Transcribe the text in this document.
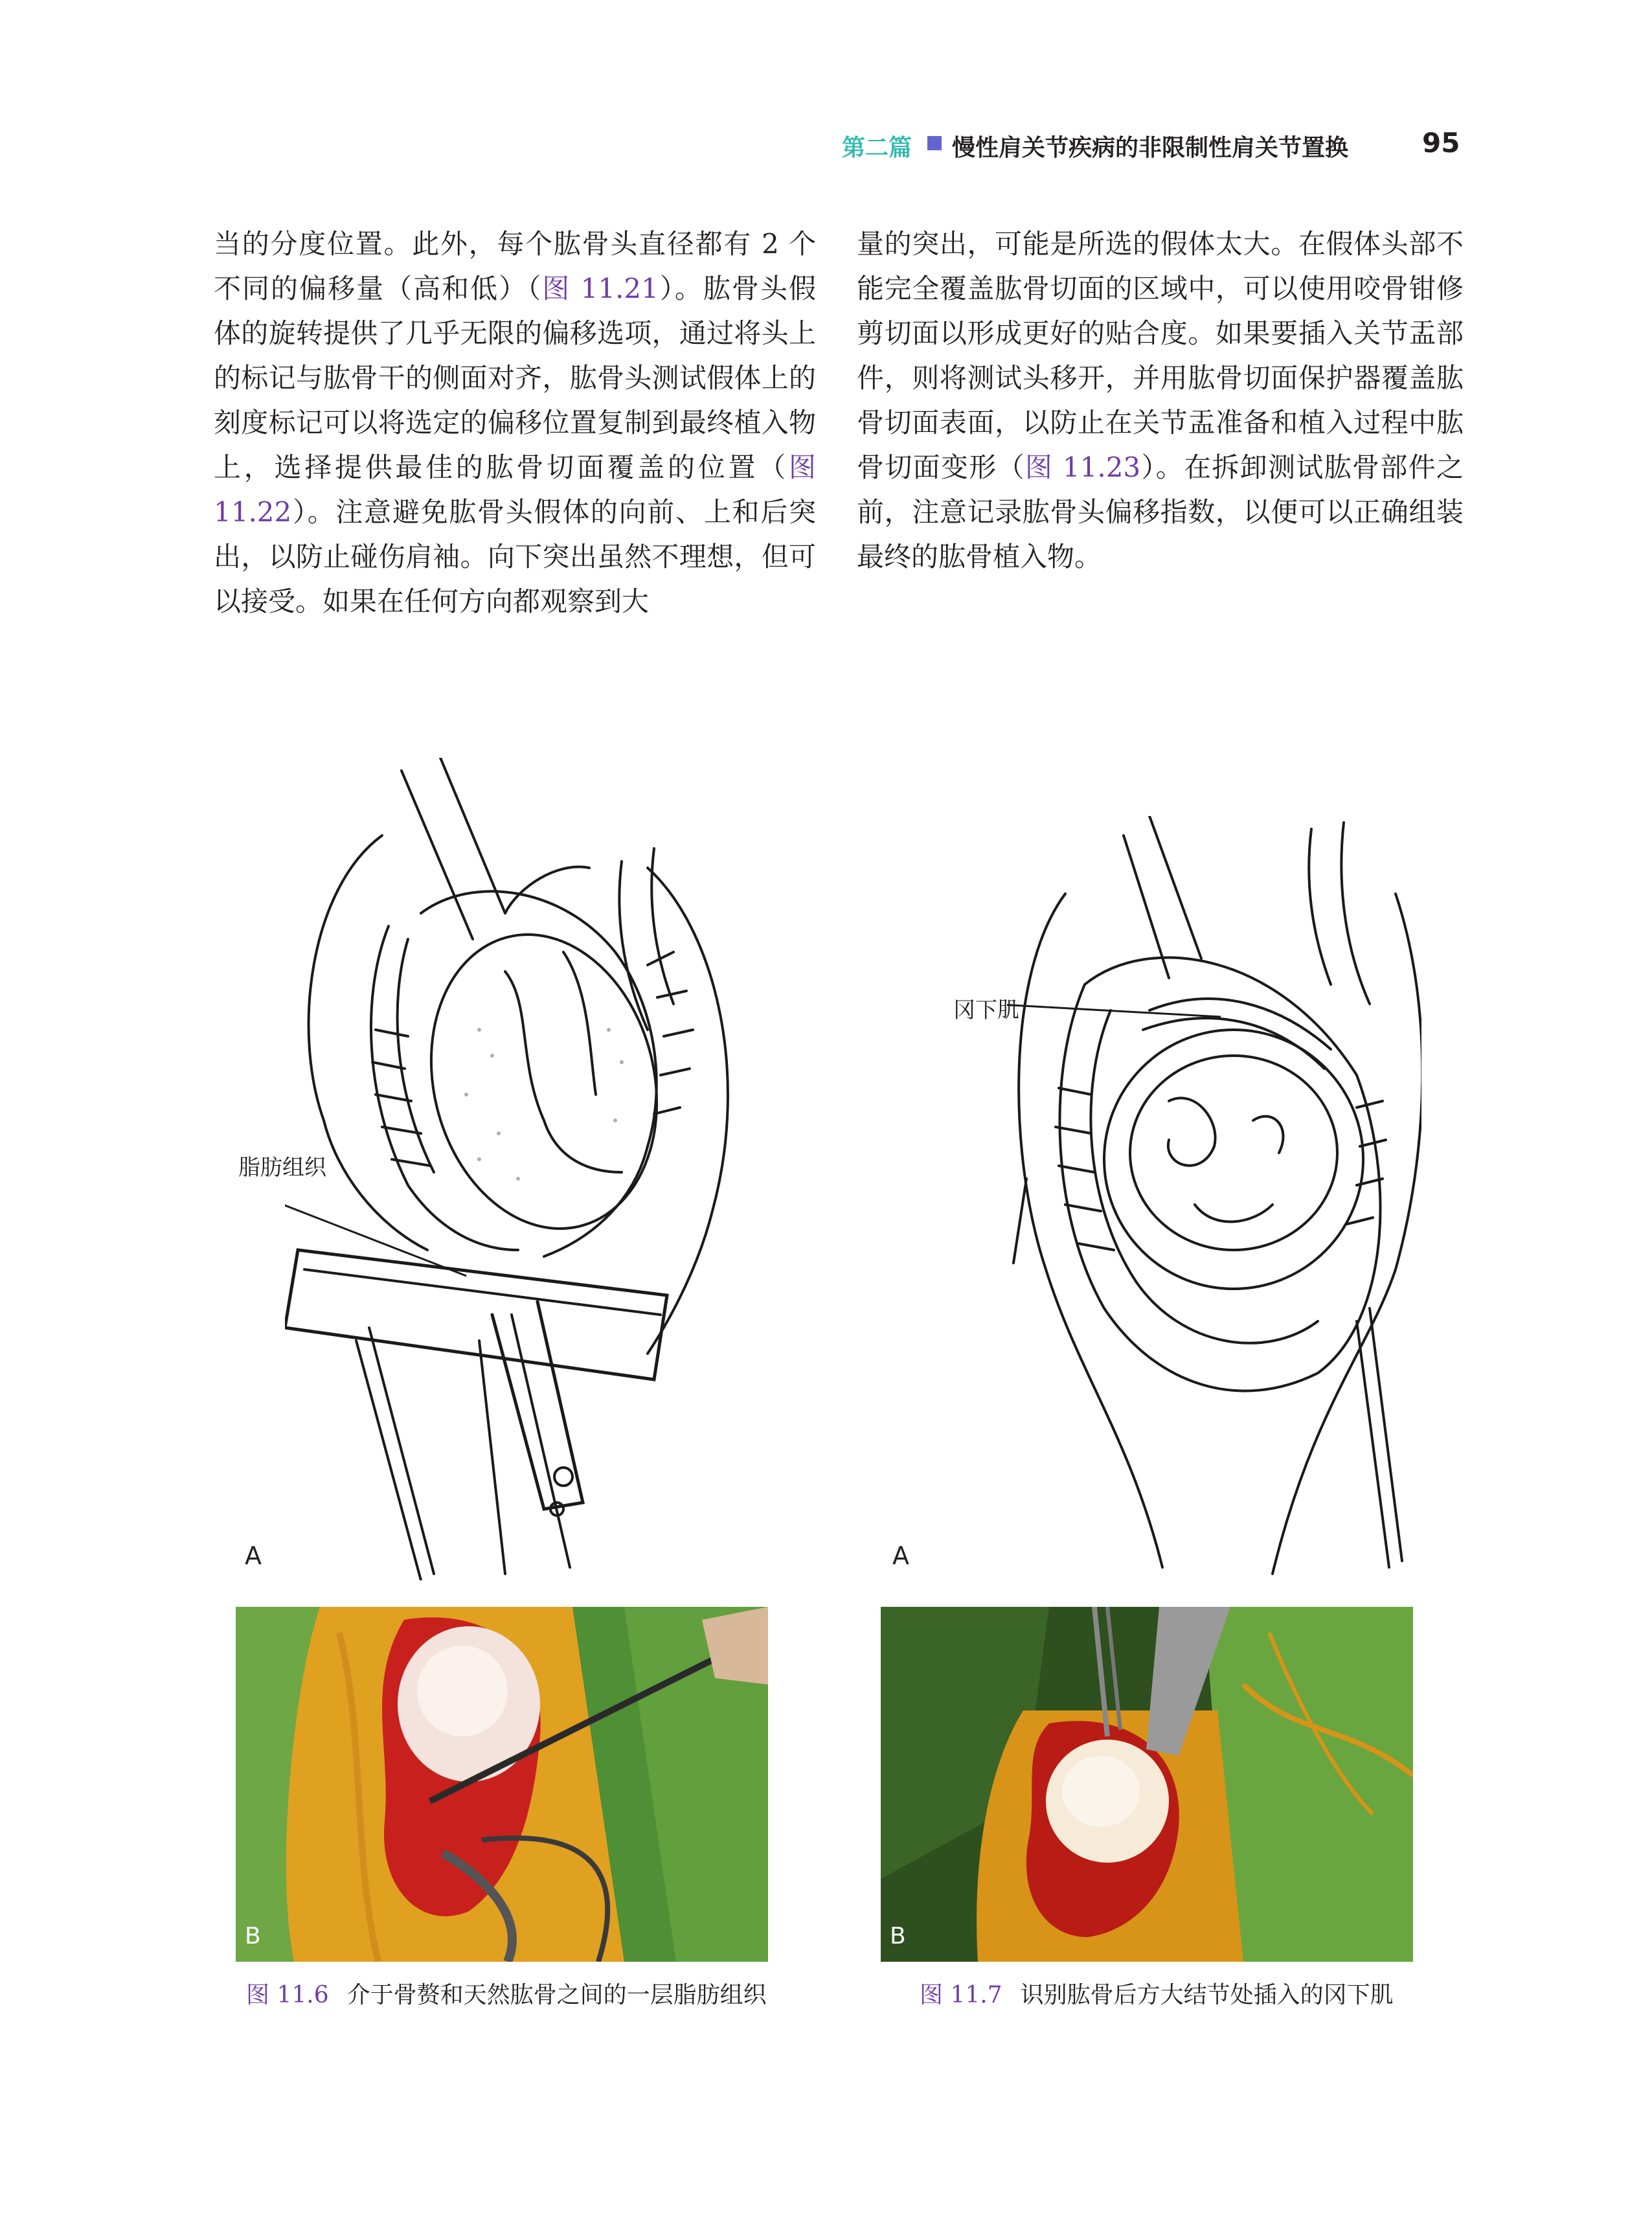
第二篇 慢性肩关节疾病的非限制性肩关节置换	95

当的分度位置。此外，每个肱骨头直径都有 2 个不同的偏移量（高和低）（图 11.21）。肱骨头假体的旋转提供了几乎无限的偏移选项，通过将头上的标记与肱骨干的侧面对齐，肱骨头测试假体上的刻度标记可以将选定的偏移位置复制到最终植入物上，选择提供最佳的肱骨切面覆盖的位置（图 11.22）。注意避免肱骨头假体的向前、上和后突出，以防止碰伤肩袖。向下突出虽然不理想，但可以接受。如果在任何方向都观察到大

量的突出，可能是所选的假体太大。在假体头部不能完全覆盖肱骨切面的区域中，可以使用咬骨钳修剪切面以形成更好的贴合度。如果要插入关节盂部件，则将测试头移开，并用肱骨切面保护器覆盖肱骨切面表面，以防止在关节盂准备和植入过程中肱骨切面变形（图 11.23）。在拆卸测试肱骨部件之前，注意记录肱骨头偏移指数，以便可以正确组装最终的肱骨植入物。

脂肪组织
A
B
图 11.6 介于骨赘和天然肱骨之间的一层脂肪组织
冈下肌
A
B
图 11.7 识别肱骨后方大结节处插入的冈下肌
